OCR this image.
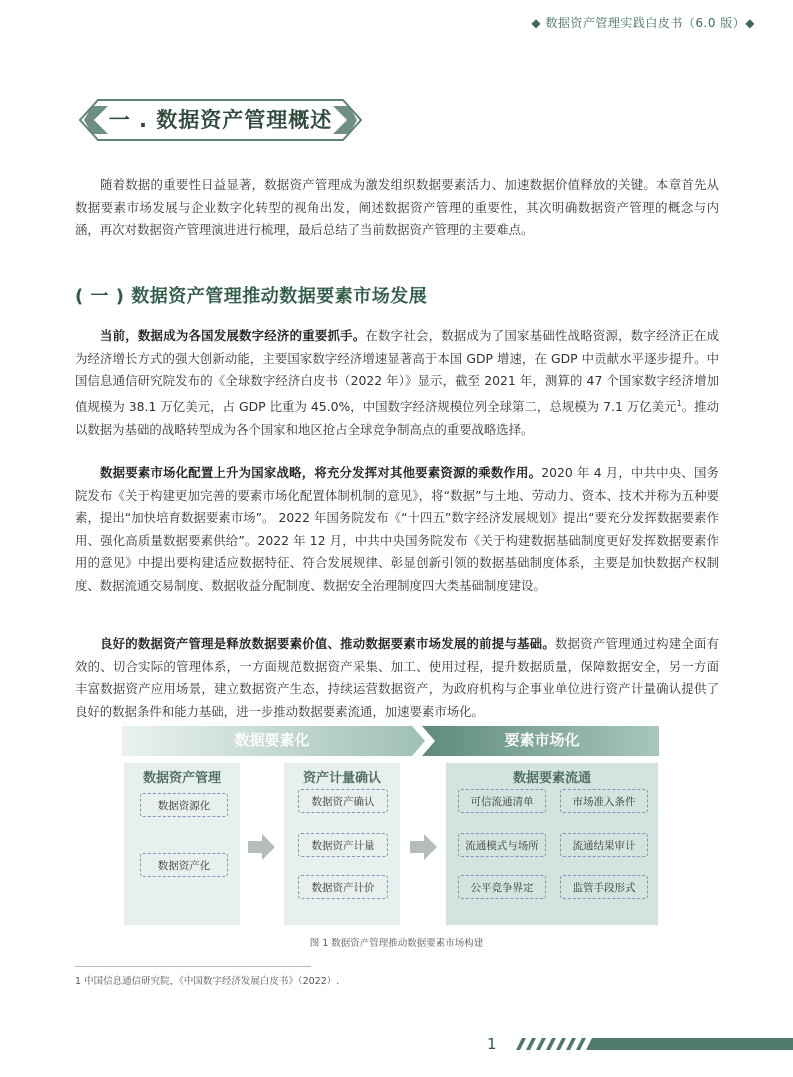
◆ 数据资产管理实践白皮书（6.0 版）◆
一 . 数据资产管理概述
随着数据的重要性日益显著，数据资产管理成为激发组织数据要素活力、加速数据价值释放的关键。本章首先从数据要素市场发展与企业数字化转型的视角出发，阐述数据资产管理的重要性，其次明确数据资产管理的概念与内涵，再次对数据资产管理演进进行梳理，最后总结了当前数据资产管理的主要难点。
( 一 ) 数据资产管理推动数据要素市场发展
当前，数据成为各国发展数字经济的重要抓手。在数字社会，数据成为了国家基础性战略资源，数字经济正在成为经济增长方式的强大创新动能，主要国家数字经济增速显著高于本国 GDP 增速，在 GDP 中贡献水平逐步提升。中国信息通信研究院发布的《全球数字经济白皮书（2022 年）》显示，截至 2021 年，测算的 47 个国家数字经济增加值规模为 38.1 万亿美元，占 GDP 比重为 45.0%，中国数字经济规模位列全球第二，总规模为 7.1 万亿美元$^1$。推动以数据为基础的战略转型成为各个国家和地区抢占全球竞争制高点的重要战略选择。
数据要素市场化配置上升为国家战略，将充分发挥对其他要素资源的乘数作用。2020 年 4 月，中共中央、国务院发布《关于构建更加完善的要素市场化配置体制机制的意见》，将“数据”与土地、劳动力、资本、技术并称为五种要素，提出“加快培育数据要素市场”。 2022 年国务院发布《“十四五”数字经济发展规划》提出“要充分发挥数据要素作用、强化高质量数据要素供给”。2022 年 12 月，中共中央国务院发布《关于构建数据基础制度更好发挥数据要素作用的意见》中提出要构建适应数据特征、符合发展规律、彰显创新引领的数据基础制度体系，主要是加快数据产权制度、数据流通交易制度、数据收益分配制度、数据安全治理制度四大类基础制度建设。
良好的数据资产管理是释放数据要素价值、推动数据要素市场发展的前提与基础。数据资产管理通过构建全面有效的、切合实际的管理体系，一方面规范数据资产采集、加工、使用过程，提升数据质量，保障数据安全，另一方面丰富数据资产应用场景，建立数据资产生态，持续运营数据资产，为政府机构与企事业单位进行资产计量确认提供了良好的数据条件和能力基础，进一步推动数据要素流通，加速要素市场化。
数据要素化	要素市场化
数据资产管理
数据资源化
数据资产化
资产计量确认
数据资产确认
数据资产计量
数据资产计价
数据要素流通
可信流通清单	市场准入条件
流通模式与场所	流通结果审计
公平竞争界定	监管手段形式
图 1 数据资产管理推动数据要素市场构建
1 中国信息通信研究院，《中国数字经济发展白皮书》（2022）.
1
